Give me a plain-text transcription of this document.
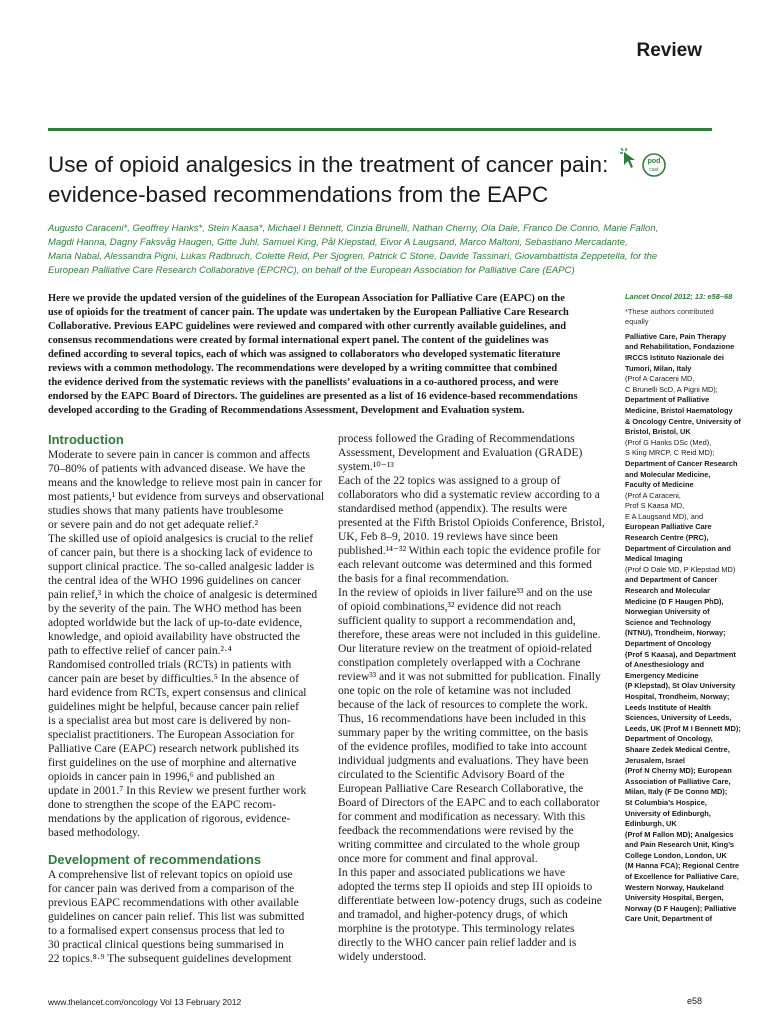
Review
Use of opioid analgesics in the treatment of cancer pain:
evidence-based recommendations from the EAPC
pod
cast
Augusto Caraceni*, Geoffrey Hanks*, Stein Kaasa*, Michael I Bennett, Cinzia Brunelli, Nathan Cherny, Ola Dale, Franco De Conno, Marie Fallon,
Magdi Hanna, Dagny Faksvåg Haugen, Gitte Juhl, Samuel King, Pål Klepstad, Eivor A Laugsand, Marco Maltoni, Sebastiano Mercadante,
Maria Nabal, Alessandra Pigni, Lukas Radbruch, Colette Reid, Per Sjogren, Patrick C Stone, Davide Tassinari, Giovambattista Zeppetella, for the
European Palliative Care Research Collaborative (EPCRC), on behalf of the European Association for Palliative Care (EAPC)
Here we provide the updated version of the guidelines of the European Association for Palliative Care (EAPC) on the
use of opioids for the treatment of cancer pain. The update was undertaken by the European Palliative Care Research
Collaborative. Previous EAPC guidelines were reviewed and compared with other currently available guidelines, and
consensus recommendations were created by formal international expert panel. The content of the guidelines was
defined according to several topics, each of which was assigned to collaborators who developed systematic literature
reviews with a common methodology. The recommendations were developed by a writing committee that combined
the evidence derived from the systematic reviews with the panellists’ evaluations in a co-authored process, and were
endorsed by the EAPC Board of Directors. The guidelines are presented as a list of 16 evidence-based recommendations
developed according to the Grading of Recommendations Assessment, Development and Evaluation system.
Introduction
Moderate to severe pain in cancer is common and affects
70–80% of patients with advanced disease. We have the
means and the knowledge to relieve most pain in cancer for
most patients,¹ but evidence from surveys and observational
studies shows that many patients have troublesome
or severe pain and do not get adequate relief.²
The skilled use of opioid analgesics is crucial to the relief
of cancer pain, but there is a shocking lack of evidence to
support clinical practice. The so-called analgesic ladder is
the central idea of the WHO 1996 guidelines on cancer
pain relief,³ in which the choice of analgesic is determined
by the severity of the pain. The WHO method has been
adopted worldwide but the lack of up-to-date evidence,
knowledge, and opioid availability have obstructed the
path to effective relief of cancer pain.²·⁴
Randomised controlled trials (RCTs) in patients with
cancer pain are beset by difficulties.⁵ In the absence of
hard evidence from RCTs, expert consensus and clinical
guidelines might be helpful, because cancer pain relief
is a specialist area but most care is delivered by non-
specialist practitioners. The European Association for
Palliative Care (EAPC) research network published its
first guidelines on the use of morphine and alternative
opioids in cancer pain in 1996,⁶ and published an
update in 2001.⁷ In this Review we present further work
done to strengthen the scope of the EAPC recom-
mendations by the application of rigorous, evidence-
based methodology.
Development of recommendations
A comprehensive list of relevant topics on opioid use
for cancer pain was derived from a comparison of the
previous EAPC recommendations with other available
guidelines on cancer pain relief. This list was submitted
to a formalised expert consensus process that led to
30 practical clinical questions being summarised in
22 topics.⁸·⁹ The subsequent guidelines development
process followed the Grading of Recommendations
Assessment, Development and Evaluation (GRADE)
system.¹⁰⁻¹³
Each of the 22 topics was assigned to a group of
collaborators who did a systematic review according to a
standardised method (appendix). The results were
presented at the Fifth Bristol Opioids Conference, Bristol,
UK, Feb 8–9, 2010. 19 reviews have since been
published.¹⁴⁻³² Within each topic the evidence profile for
each relevant outcome was determined and this formed
the basis for a final recommendation.
In the review of opioids in liver failure³³ and on the use
of opioid combinations,³² evidence did not reach
sufficient quality to support a recommendation and,
therefore, these areas were not included in this guideline.
Our literature review on the treatment of opioid-related
constipation completely overlapped with a Cochrane
review³³ and it was not submitted for publication. Finally
one topic on the role of ketamine was not included
because of the lack of resources to complete the work.
Thus, 16 recommendations have been included in this
summary paper by the writing committee, on the basis
of the evidence profiles, modified to take into account
individual judgments and evaluations. They have been
circulated to the Scientific Advisory Board of the
European Palliative Care Research Collaborative, the
Board of Directors of the EAPC and to each collaborator
for comment and modification as necessary. With this
feedback the recommendations were revised by the
writing committee and circulated to the whole group
once more for comment and final approval.
In this paper and associated publications we have
adopted the terms step II opioids and step III opioids to
differentiate between low-potency drugs, such as codeine
and tramadol, and higher-potency drugs, of which
morphine is the prototype. This terminology relates
directly to the WHO cancer pain relief ladder and is
widely understood.
Lancet Oncol 2012; 13: e58–68
*These authors contributed
equally
Palliative Care, Pain Therapy
and Rehabilitation, Fondazione
IRCCS Istituto Nazionale dei
Tumori, Milan, Italy
(Prof A Caraceni MD,
C Brunelli ScD, A Pigni MD);
Department of Palliative
Medicine, Bristol Haematology
& Oncology Centre, University of
Bristol, Bristol, UK
(Prof G Hanks DSc (Med),
S King MRCP, C Reid MD);
Department of Cancer Research
and Molecular Medicine,
Faculty of Medicine
(Prof A Caraceni,
Prof S Kaasa MD,
E A Laugsand MD), and
European Palliative Care
Research Centre (PRC),
Department of Circulation and
Medical Imaging
(Prof O Dale MD, P Klepstad MD)
and Department of Cancer
Research and Molecular
Medicine (D F Haugen PhD),
Norwegian University of
Science and Technology
(NTNU), Trondheim, Norway;
Department of Oncology
(Prof S Kaasa), and Department
of Anesthesiology and
Emergency Medicine
(P Klepstad), St Olav University
Hospital, Trondheim, Norway;
Leeds Institute of Health
Sciences, University of Leeds,
Leeds, UK (Prof M I Bennett MD);
Department of Oncology,
Shaare Zedek Medical Centre,
Jerusalem, Israel
(Prof N Cherny MD); European
Association of Palliative Care,
Milan, Italy (F De Conno MD);
St Columbia’s Hospice,
University of Edinburgh,
Edinburgh, UK
(Prof M Fallon MD); Analgesics
and Pain Research Unit, King’s
College London, London, UK
(M Hanna FCA); Regional Centre
of Excellence for Palliative Care,
Western Norway, Haukeland
University Hospital, Bergen,
Norway (D F Haugen); Palliative
Care Unit, Department of
www.thelancet.com/oncology Vol 13 February 2012	e58
